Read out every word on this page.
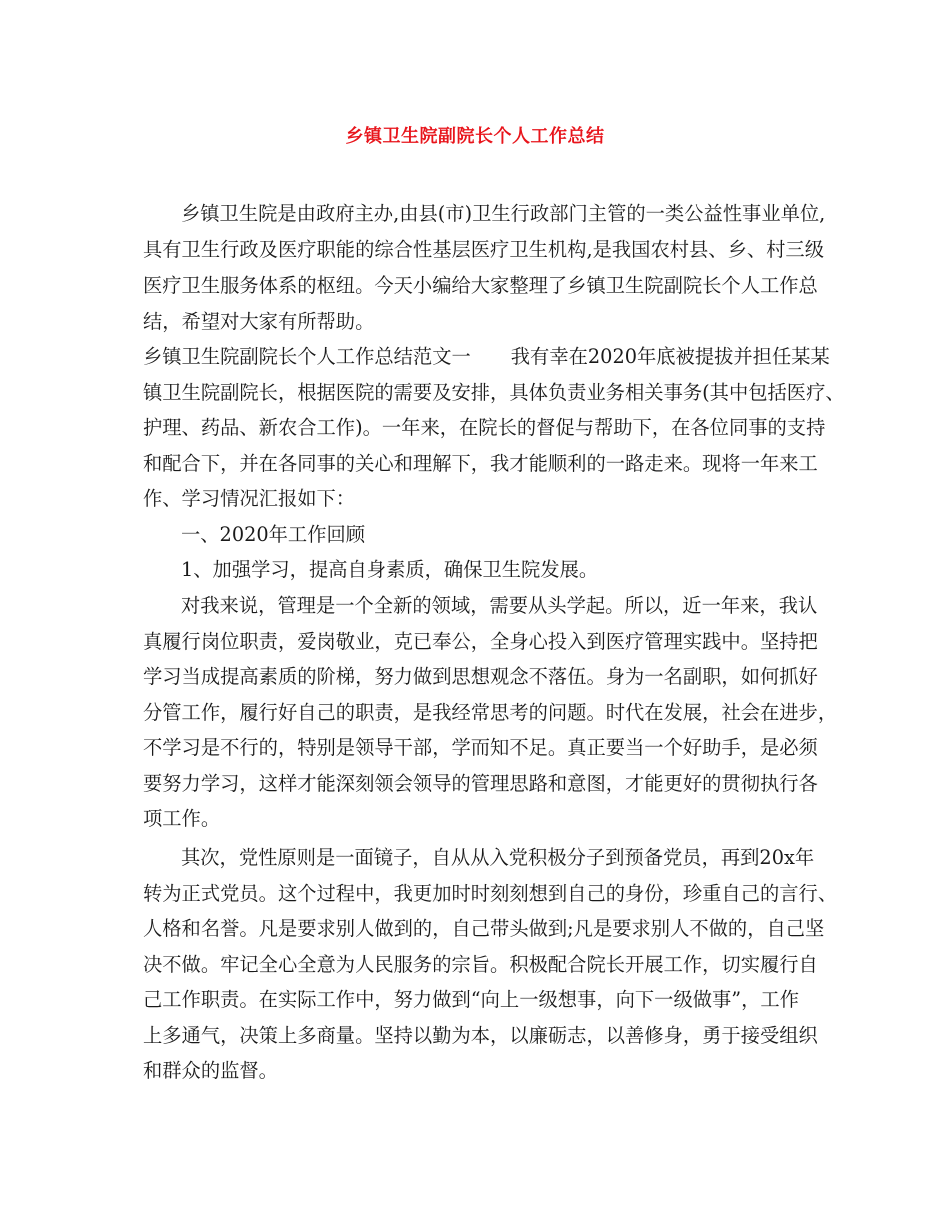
乡镇卫生院副院长个人工作总结
乡镇卫生院是由政府主办,由县(市)卫生行政部门主管的一类公益性事业单位,
具有卫生行政及医疗职能的综合性基层医疗卫生机构,是我国农村县、乡、村三级
医疗卫生服务体系的枢纽。今天小编给大家整理了乡镇卫生院副院长个人工作总
结，希望对大家有所帮助。
乡镇卫生院副院长个人工作总结范文一 我有幸在2020年底被提拔并担任某某
镇卫生院副院长，根据医院的需要及安排，具体负责业务相关事务(其中包括医疗、
护理、药品、新农合工作)。一年来，在院长的督促与帮助下，在各位同事的支持
和配合下，并在各同事的关心和理解下，我才能顺利的一路走来。现将一年来工
作、学习情况汇报如下：
一、2020年工作回顾
1、加强学习，提高自身素质，确保卫生院发展。
对我来说，管理是一个全新的领域，需要从头学起。所以，近一年来，我认
真履行岗位职责，爱岗敬业，克已奉公，全身心投入到医疗管理实践中。坚持把
学习当成提高素质的阶梯，努力做到思想观念不落伍。身为一名副职，如何抓好
分管工作，履行好自己的职责，是我经常思考的问题。时代在发展，社会在进步，
不学习是不行的，特别是领导干部，学而知不足。真正要当一个好助手，是必须
要努力学习，这样才能深刻领会领导的管理思路和意图，才能更好的贯彻执行各
项工作。
其次，党性原则是一面镜子，自从从入党积极分子到预备党员，再到20x年
转为正式党员。这个过程中，我更加时时刻刻想到自己的身份，珍重自己的言行、
人格和名誉。凡是要求别人做到的，自己带头做到;凡是要求别人不做的，自己坚
决不做。牢记全心全意为人民服务的宗旨。积极配合院长开展工作，切实履行自
己工作职责。在实际工作中，努力做到“向上一级想事，向下一级做事”，工作
上多通气，决策上多商量。坚持以勤为本，以廉砺志，以善修身，勇于接受组织
和群众的监督。
